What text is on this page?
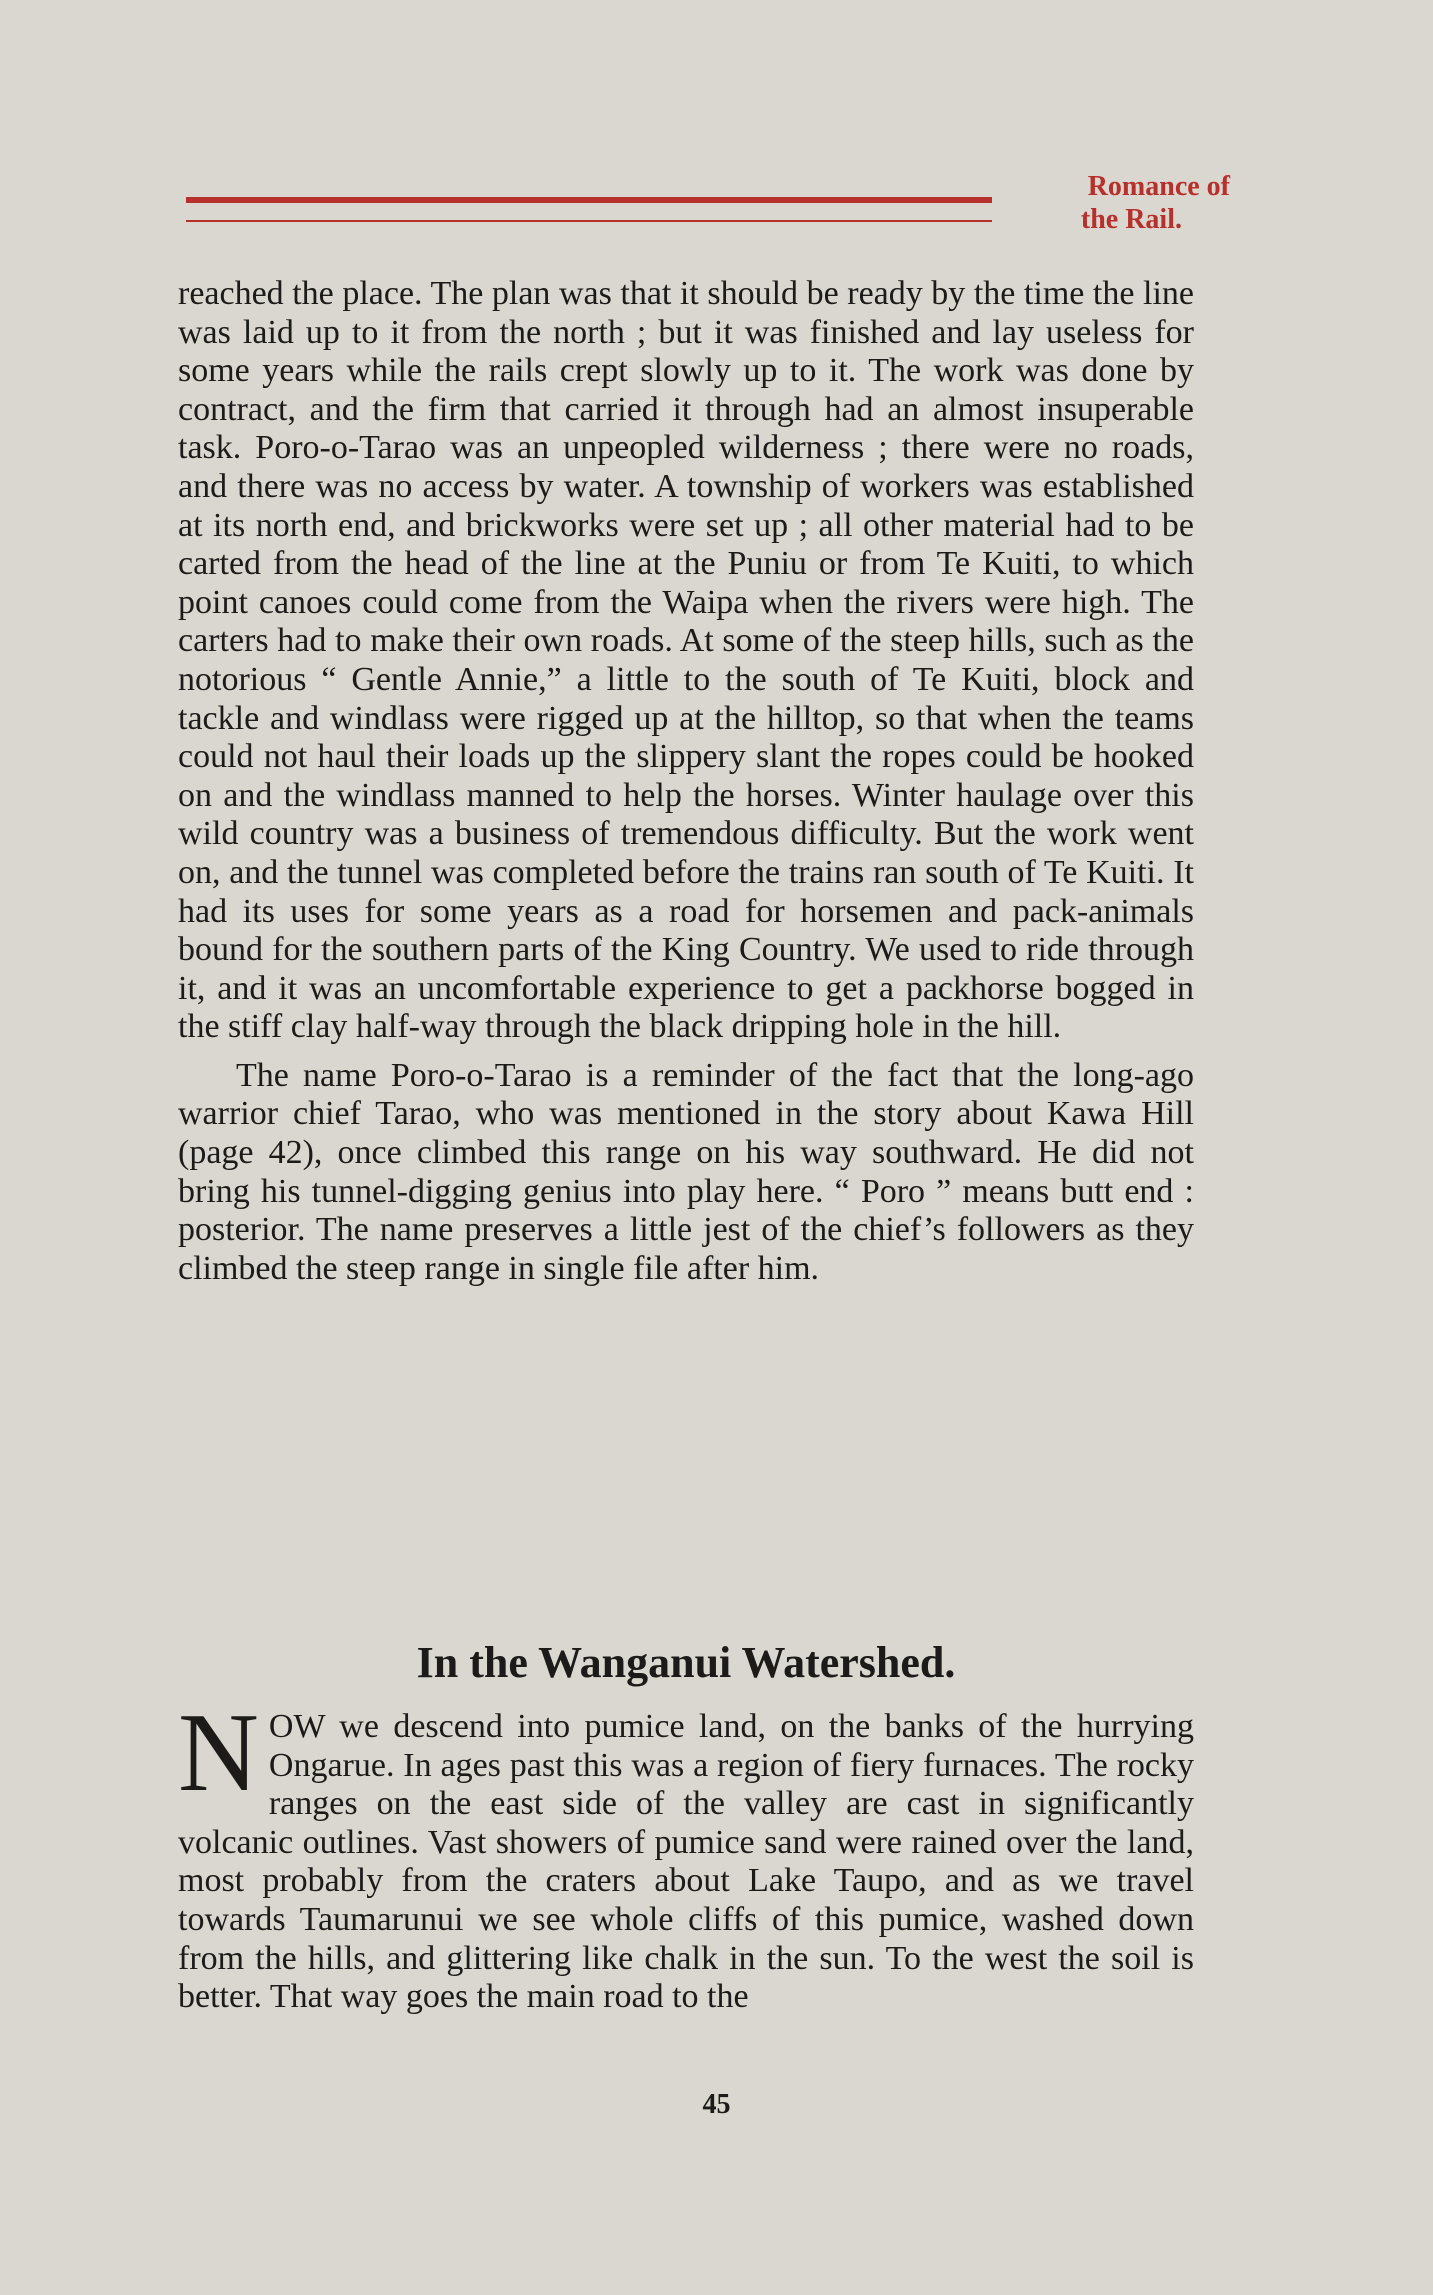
Romance of
the Rail.

reached the place. The plan was that it should be ready by the time the line was laid up to it from the north ; but it was finished and lay useless for some years while the rails crept slowly up to it. The work was done by contract, and the firm that carried it through had an almost insuperable task. Poro-o-Tarao was an unpeopled wilderness ; there were no roads, and there was no access by water. A township of workers was established at its north end, and brickworks were set up ; all other material had to be carted from the head of the line at the Puniu or from Te Kuiti, to which point canoes could come from the Waipa when the rivers were high. The carters had to make their own roads. At some of the steep hills, such as the notorious “ Gentle Annie,” a little to the south of Te Kuiti, block and tackle and windlass were rigged up at the hilltop, so that when the teams could not haul their loads up the slippery slant the ropes could be hooked on and the windlass manned to help the horses. Winter haulage over this wild country was a business of tremendous difficulty. But the work went on, and the tunnel was completed before the trains ran south of Te Kuiti. It had its uses for some years as a road for horsemen and pack-animals bound for the southern parts of the King Country. We used to ride through it, and it was an uncomfortable experience to get a packhorse bogged in the stiff clay half-way through the black dripping hole in the hill.

The name Poro-o-Tarao is a reminder of the fact that the long-ago warrior chief Tarao, who was mentioned in the story about Kawa Hill (page 42), once climbed this range on his way southward. He did not bring his tunnel-digging genius into play here. “ Poro ” means butt end : posterior. The name preserves a little jest of the chief’s followers as they climbed the steep range in single file after him.

In the Wanganui Watershed.

NOW we descend into pumice land, on the banks of the hurrying Ongarue. In ages past this was a region of fiery furnaces. The rocky ranges on the east side of the valley are cast in significantly volcanic outlines. Vast showers of pumice sand were rained over the land, most probably from the craters about Lake Taupo, and as we travel towards Taumarunui we see whole cliffs of this pumice, washed down from the hills, and glittering like chalk in the sun. To the west the soil is better. That way goes the main road to the

45
